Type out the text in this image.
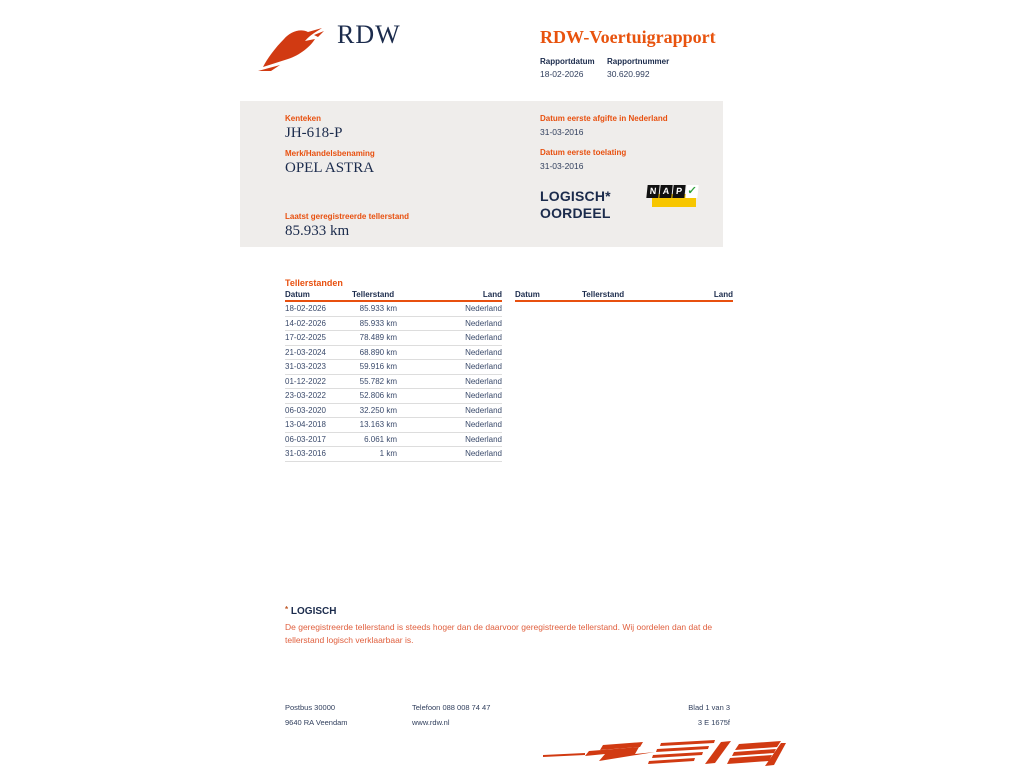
RDW	RDW-Voertuigrapport
Rapportdatum
18-02-2026
Rapportnummer
30.620.992
Kenteken
JH-618-P
Merk/Handelsbenaming
OPEL ASTRA
Laatst geregistreerde tellerstand
85.933 km
Datum eerste afgifte in Nederland
31-03-2016
Datum eerste toelating
31-03-2016
LOGISCH*
OORDEEL
N A P ✓
Tellerstanden
Datum	Tellerstand	Land
18-02-2026	85.933 km	Nederland
14-02-2026	85.933 km	Nederland
17-02-2025	78.489 km	Nederland
21-03-2024	68.890 km	Nederland
31-03-2023	59.916 km	Nederland
01-12-2022	55.782 km	Nederland
23-03-2022	52.806 km	Nederland
06-03-2020	32.250 km	Nederland
13-04-2018	13.163 km	Nederland
06-03-2017	6.061 km	Nederland
31-03-2016	1 km	Nederland
Datum	Tellerstand	Land
* LOGISCH
De geregistreerde tellerstand is steeds hoger dan de daarvoor geregistreerde tellerstand. Wij oordelen dan dat de tellerstand logisch verklaarbaar is.
Postbus 30000
9640 RA Veendam
Telefoon 088 008 74 47
www.rdw.nl
Blad 1 van 3
3 E 1675f
